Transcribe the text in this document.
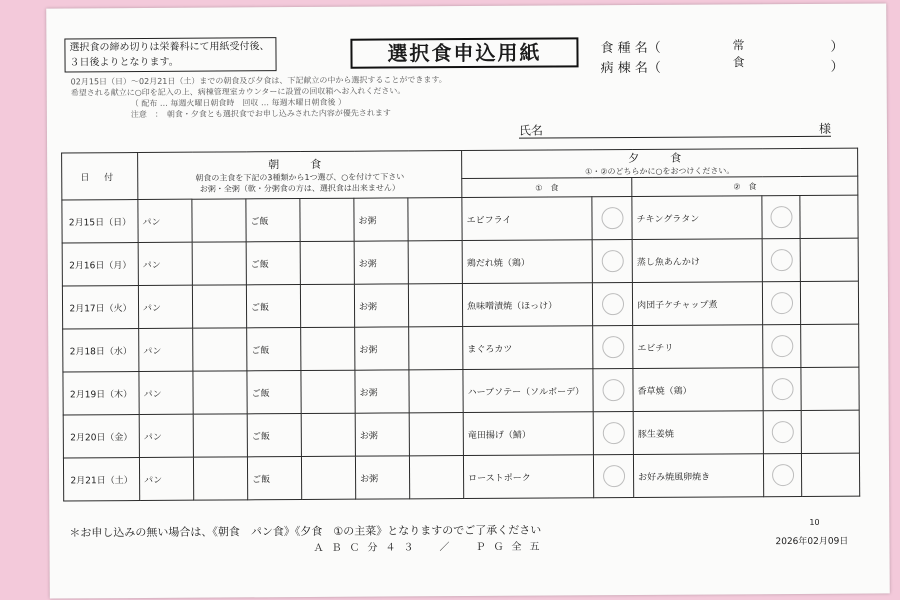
選択食の締め切りは栄養科にて用紙受付後、
３日後よりとなります。	選択食申込用紙	食 種 名（	常食
）
病 棟 名（	）
02月15日（日）〜02月21日（土）までの朝食及び夕食は、下記献立の中から選択することができます。
希望される献立に○印を記入の上、病棟管理室カウンターに設置の回収箱へお入れください。
（ 配布 … 毎週火曜日朝食時　回収 … 毎週木曜日朝食後 ）
注意　：　朝食・夕食とも選択食でお申し込みされた内容が優先されます
氏名	様
日 付	朝　食
朝食の主食を下記の3種類から1つ選び、○を付けて下さい
お粥・全粥（軟・分粥食の方は、選択食は出来ません）						夕　食
①・②のどちらかに○をおつけください。				

							①　食		②　食		
2月15日（日）	パン		ご飯		お粥		エビフライ		チキングラタン		
2月16日（月）	パン		ご飯		お粥		鶏だれ焼（鶏）		蒸し魚あんかけ		
2月17日（火）	パン		ご飯		お粥		魚味噌漬焼（ほっけ）		肉団子ケチャップ煮		
2月18日（水）	パン		ご飯		お粥		まぐろカツ		エビチリ		
2月19日（木）	パン		ご飯		お粥		ハーブソテー（ソルボーデ）		香草焼（鶏）		
2月20日（金）	パン		ご飯		お粥		竜田揚げ（鯖）		豚生姜焼		
2月21日（土）	パン		ご飯		お粥		ローストポーク		お好み焼風卵焼き		
＊お申し込みの無い場合は、《朝食　パン食》《夕食　①の主菜》となりますのでご了承ください
ＡＢＣ分４３　／　ＰＧ全五
10
2026年02月09日
